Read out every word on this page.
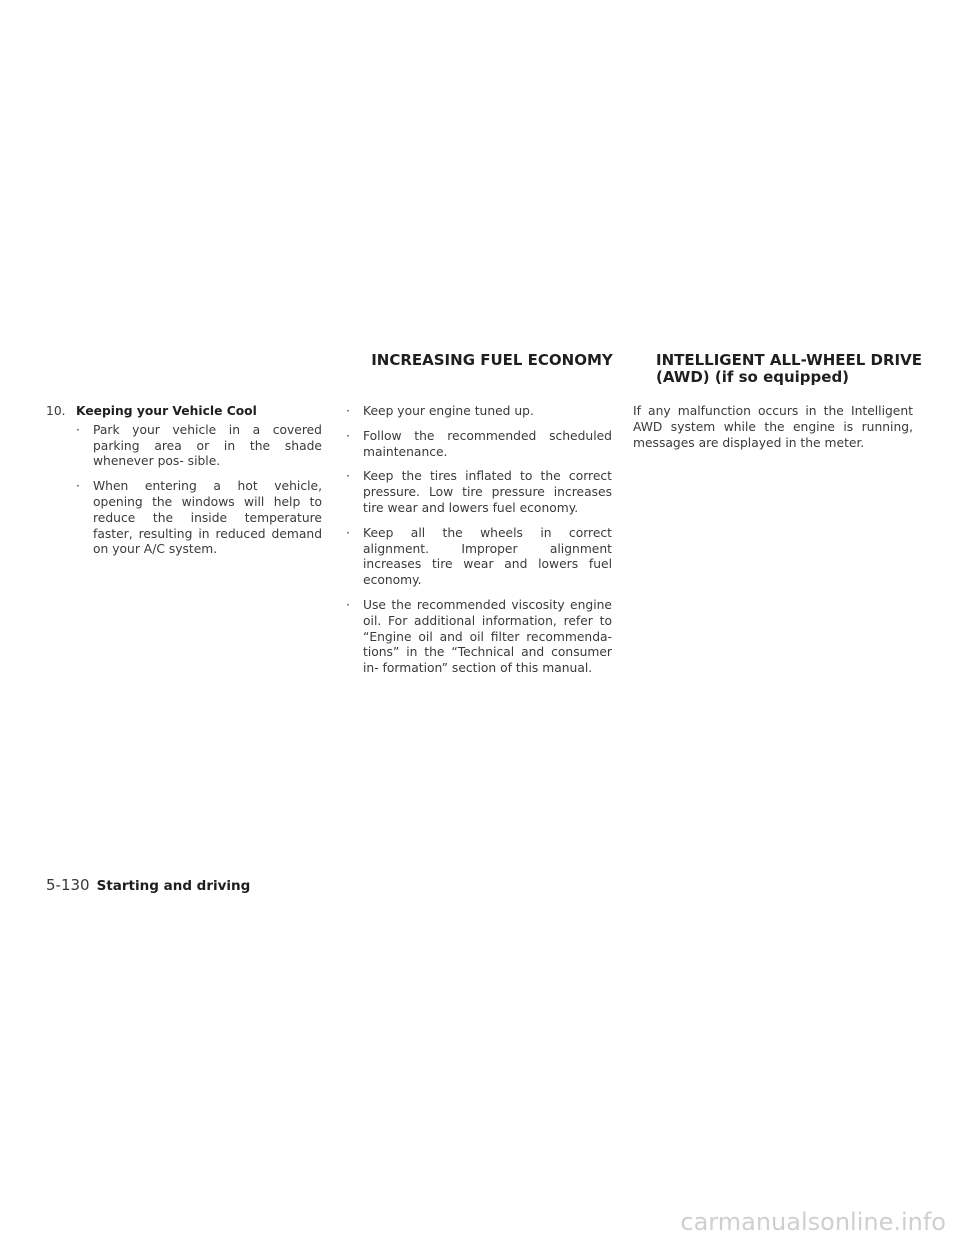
INCREASING FUEL ECONOMY	INTELLIGENT ALL-WHEEL DRIVE
(AWD) (if so equipped)
10. Keeping your Vehicle Cool
· Park your vehicle in a covered parking area or in the shade whenever pos- sible.
· When entering a hot vehicle, opening the windows will help to reduce the inside temperature faster, resulting in reduced demand on your A/C system.
· Keep your engine tuned up.
· Follow the recommended scheduled maintenance.
· Keep the tires inflated to the correct pressure. Low tire pressure increases tire wear and lowers fuel economy.
· Keep all the wheels in correct alignment. Improper alignment increases tire wear and lowers fuel economy.
· Use the recommended viscosity engine oil. For additional information, refer to “Engine oil and oil filter recommenda- tions” in the “Technical and consumer in- formation” section of this manual.

If any malfunction occurs in the Intelligent AWD system while the engine is running, messages are displayed in the meter.

5-130 Starting and driving
carmanualsonline.info
